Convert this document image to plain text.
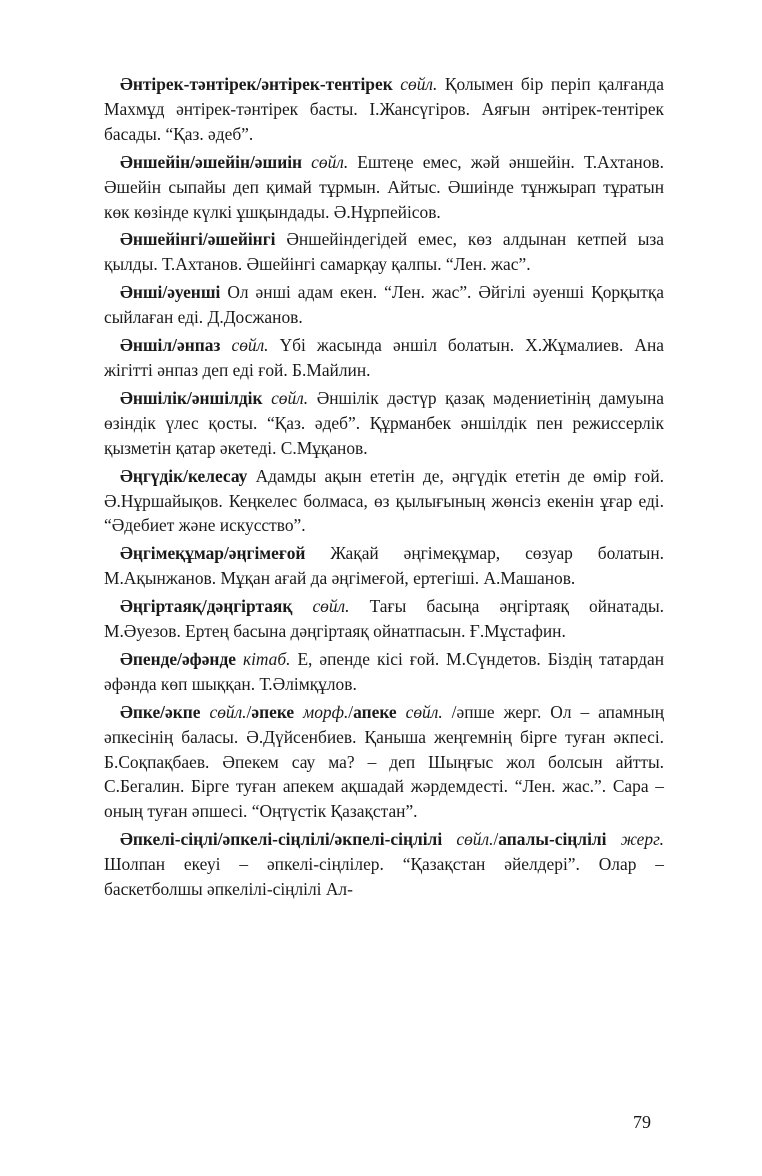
Әнтірек-тәнтірек/әнтірек-тентірек сөйл. Қолымен бір періп қалғанда Махмұд әнтірек-тәнтірек басты. І.Жансүгіров. Аяғын әнтірек-тентірек басады. “Қаз. әдеб”.

Әншейін/әшейін/әшиін сөйл. Ештеңе емес, жәй әншейін. Т.Ахтанов. Әшейін сыпайы деп қимай тұрмын. Айтыс. Әшиінде тұнжырап тұратын көк көзінде күлкі ұшқындады. Ә.Нұрпейісов.

Әншейінгі/әшейінгі Әншейіндегідей емес, көз алдынан кетпей ыза қылды. Т.Ахтанов. Әшейінгі самарқау қалпы. “Лен. жас”.

Әнші/әуенші Ол әнші адам екен. “Лен. жас”. Әйгілі әуенші Қорқытқа сыйлаған еді. Д.Досжанов.

Әншіл/әнпаз сөйл. Үбі жасында әншіл болатын. Х.Жұмалиев. Ана жігітті әнпаз деп еді ғой. Б.Майлин.

Әншілік/әншілдік сөйл. Әншілік дәстүр қазақ мәдениетінің дамуына өзіндік үлес қосты. “Қаз. әдеб”. Құрманбек әншілдік пен режиссерлік қызметін қатар әкетеді. С.Мұқанов.

Әңгүдік/келесау Адамды ақын ететін де, әңгүдік ететін де өмір ғой. Ә.Нұршайықов. Кеңкелес болмаса, өз қылығының жөнсіз екенін ұғар еді. “Әдебиет және искусство”.

Әңгімеқұмар/әңгімеғой Жақай әңгімеқұмар, сөзуар болатын. М.Ақынжанов. Мұқан ағай да әңгімеғой, ертегіші. А.Машанов.

Әңгіртаяқ/дәңгіртаяқ сөйл. Тағы басыңа әңгіртаяқ ойнатады. М.Әуезов. Ертең басына дәңгіртаяқ ойнатпасын. Ғ.Мұстафин.

Әпенде/әфәнде кітаб. Е, әпенде кісі ғой. М.Сүндетов. Біздің татардан әфәнда көп шыққан. Т.Әлімқұлов.

Әпке/әкпе сөйл./әпеке морф./апеке сөйл. /әпше жерг. Ол – апамның әпкесінің баласы. Ә.Дүйсенбиев. Қаныша жеңгемнің бірге туған әкпесі. Б.Соқпақбаев. Әпекем сау ма? – деп Шыңғыс жол болсын айтты. С.Бегалин. Бірге туған апекем ақшадай жәрдемдесті. “Лен. жас.”. Сара – оның туған әпшесі. “Оңтүстік Қазақстан”.

Әпкелі-сіңлі/әпкелі-сіңлілі/әкпелі-сіңлілі сөйл./апалы-сіңлілі жерг. Шолпан екеуі – әпкелі-сіңлілер. “Қазақстан әйелдері”. Олар – баскетболшы әпкелілі-сіңлілі Ал-

79
